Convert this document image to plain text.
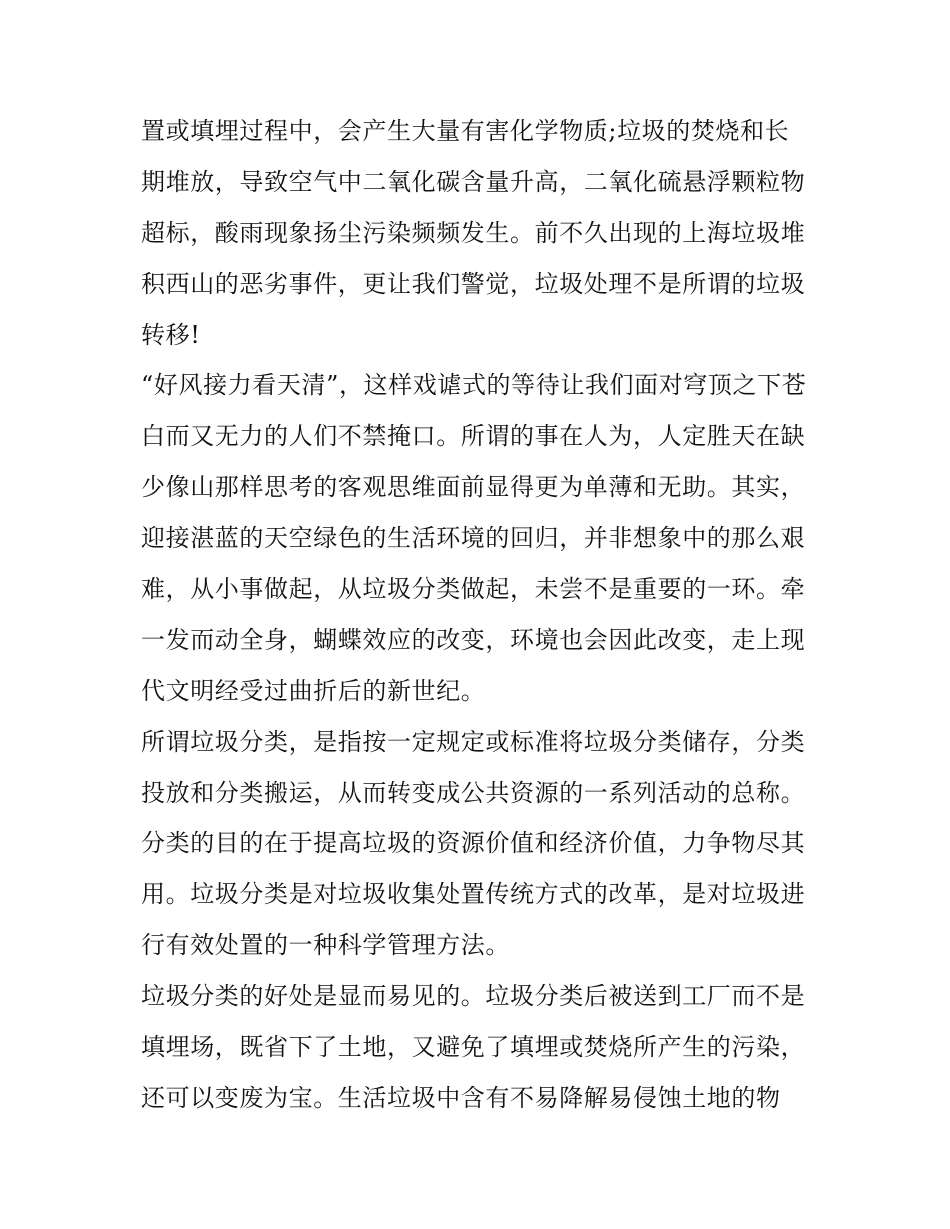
置或填埋过程中，会产生大量有害化学物质;垃圾的焚烧和长
期堆放，导致空气中二氧化碳含量升高，二氧化硫悬浮颗粒物
超标，酸雨现象扬尘污染频频发生。前不久出现的上海垃圾堆
积西山的恶劣事件，更让我们警觉，垃圾处理不是所谓的垃圾
转移!
“好风接力看天清”，这样戏谑式的等待让我们面对穹顶之下苍
白而又无力的人们不禁掩口。所谓的事在人为，人定胜天在缺
少像山那样思考的客观思维面前显得更为单薄和无助。其实，
迎接湛蓝的天空绿色的生活环境的回归，并非想象中的那么艰
难，从小事做起，从垃圾分类做起，未尝不是重要的一环。牵
一发而动全身，蝴蝶效应的改变，环境也会因此改变，走上现
代文明经受过曲折后的新世纪。
所谓垃圾分类，是指按一定规定或标准将垃圾分类储存，分类
投放和分类搬运，从而转变成公共资源的一系列活动的总称。
分类的目的在于提高垃圾的资源价值和经济价值，力争物尽其
用。垃圾分类是对垃圾收集处置传统方式的改革，是对垃圾进
行有效处置的一种科学管理方法。
垃圾分类的好处是显而易见的。垃圾分类后被送到工厂而不是
填埋场，既省下了土地，又避免了填埋或焚烧所产生的污染，
还可以变废为宝。生活垃圾中含有不易降解易侵蚀土地的物
